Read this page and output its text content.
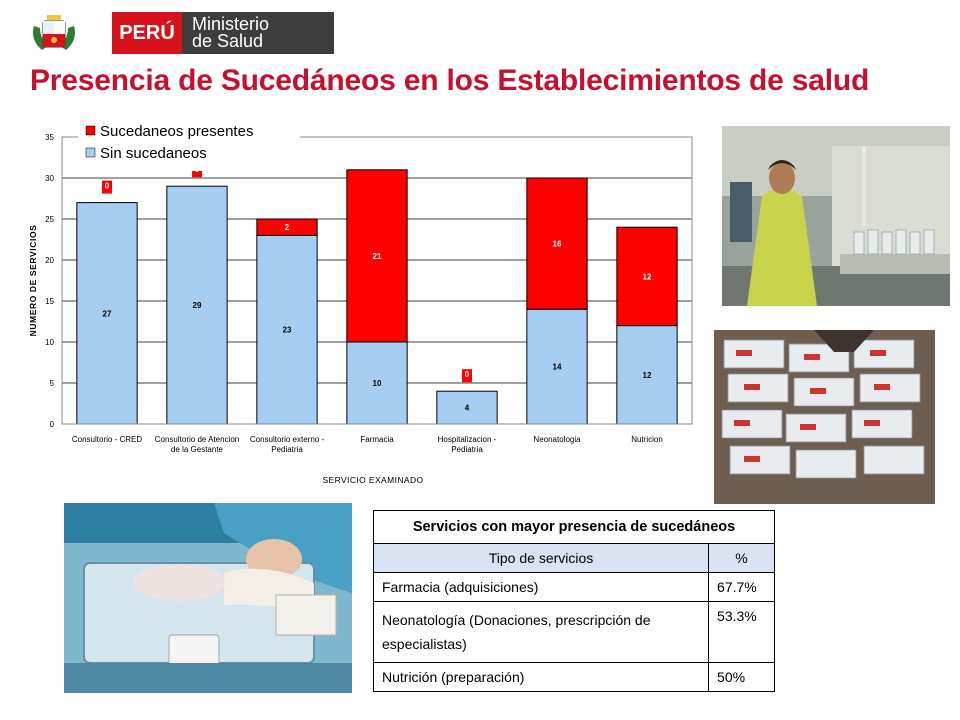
PERÚ Ministerio
de Salud
Presencia de Sucedáneos en los Establecimientos de salud
0
5
10
15
20
25
30
35
Consultorio - CRED Consultorio de Atencion
de la Gestante
Consultorio externo -
Pediatria
Farmacia	Hospitalizacion -
Pediatria
Neonatologia	Nutricion
SERVICIO EXAMINADO
NUMERO DE SERVICIOS	27
0
29
23
2
10
21
4
0
14
16
12
12
Sucedaneos presentes
Sin sucedaneos
Servicios con mayor presencia de sucedáneos	
Tipo de servicios	%
Farmacia (adquisiciones)	67.7%
Neonatología (Donaciones, prescripción de especialistas)	53.3%
Nutrición (preparación)	50%
